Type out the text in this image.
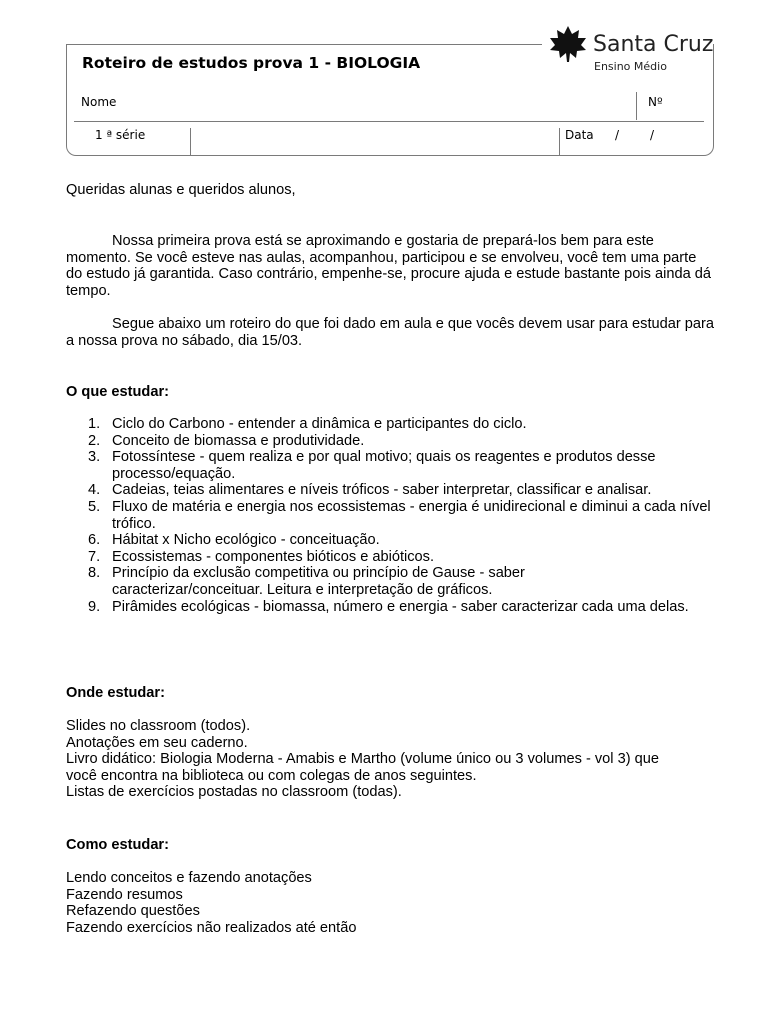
Roteiro de estudos prova 1 - BIOLOGIA
Santa Cruz
Ensino Médio
Nome	Nº
1 ª série	Data /	/
Queridas alunas e queridos alunos,
Nossa primeira prova está se aproximando e gostaria de prepará-los bem para este momento. Se você esteve nas aulas, acompanhou, participou e se envolveu, você tem uma parte do estudo já garantida. Caso contrário, empenhe-se, procure ajuda e estude bastante pois ainda dá tempo.
Segue abaixo um roteiro do que foi dado em aula e que vocês devem usar para estudar para a nossa prova no sábado, dia 15/03.
O que estudar:
1. Ciclo do Carbono - entender a dinâmica e participantes do ciclo.
2. Conceito de biomassa e produtividade.
3. Fotossíntese - quem realiza e por qual motivo; quais os reagentes e produtos desse processo/equação.
4. Cadeias, teias alimentares e níveis tróficos - saber interpretar, classificar e analisar.
5. Fluxo de matéria e energia nos ecossistemas - energia é unidirecional e diminui a cada nível trófico.
6. Hábitat x Nicho ecológico - conceituação.
7. Ecossistemas - componentes bióticos e abióticos.
8. Princípio da exclusão competitiva ou princípio de Gause - saber caracterizar/conceituar. Leitura e interpretação de gráficos.
9. Pirâmides ecológicas - biomassa, número e energia - saber caracterizar cada uma delas.
Onde estudar:
Slides no classroom (todos).
Anotações em seu caderno.
Livro didático: Biologia Moderna - Amabis e Martho (volume único ou 3 volumes - vol 3) que
você encontra na biblioteca ou com colegas de anos seguintes.
Listas de exercícios postadas no classroom (todas).
Como estudar:
Lendo conceitos e fazendo anotações
Fazendo resumos
Refazendo questões
Fazendo exercícios não realizados até então
